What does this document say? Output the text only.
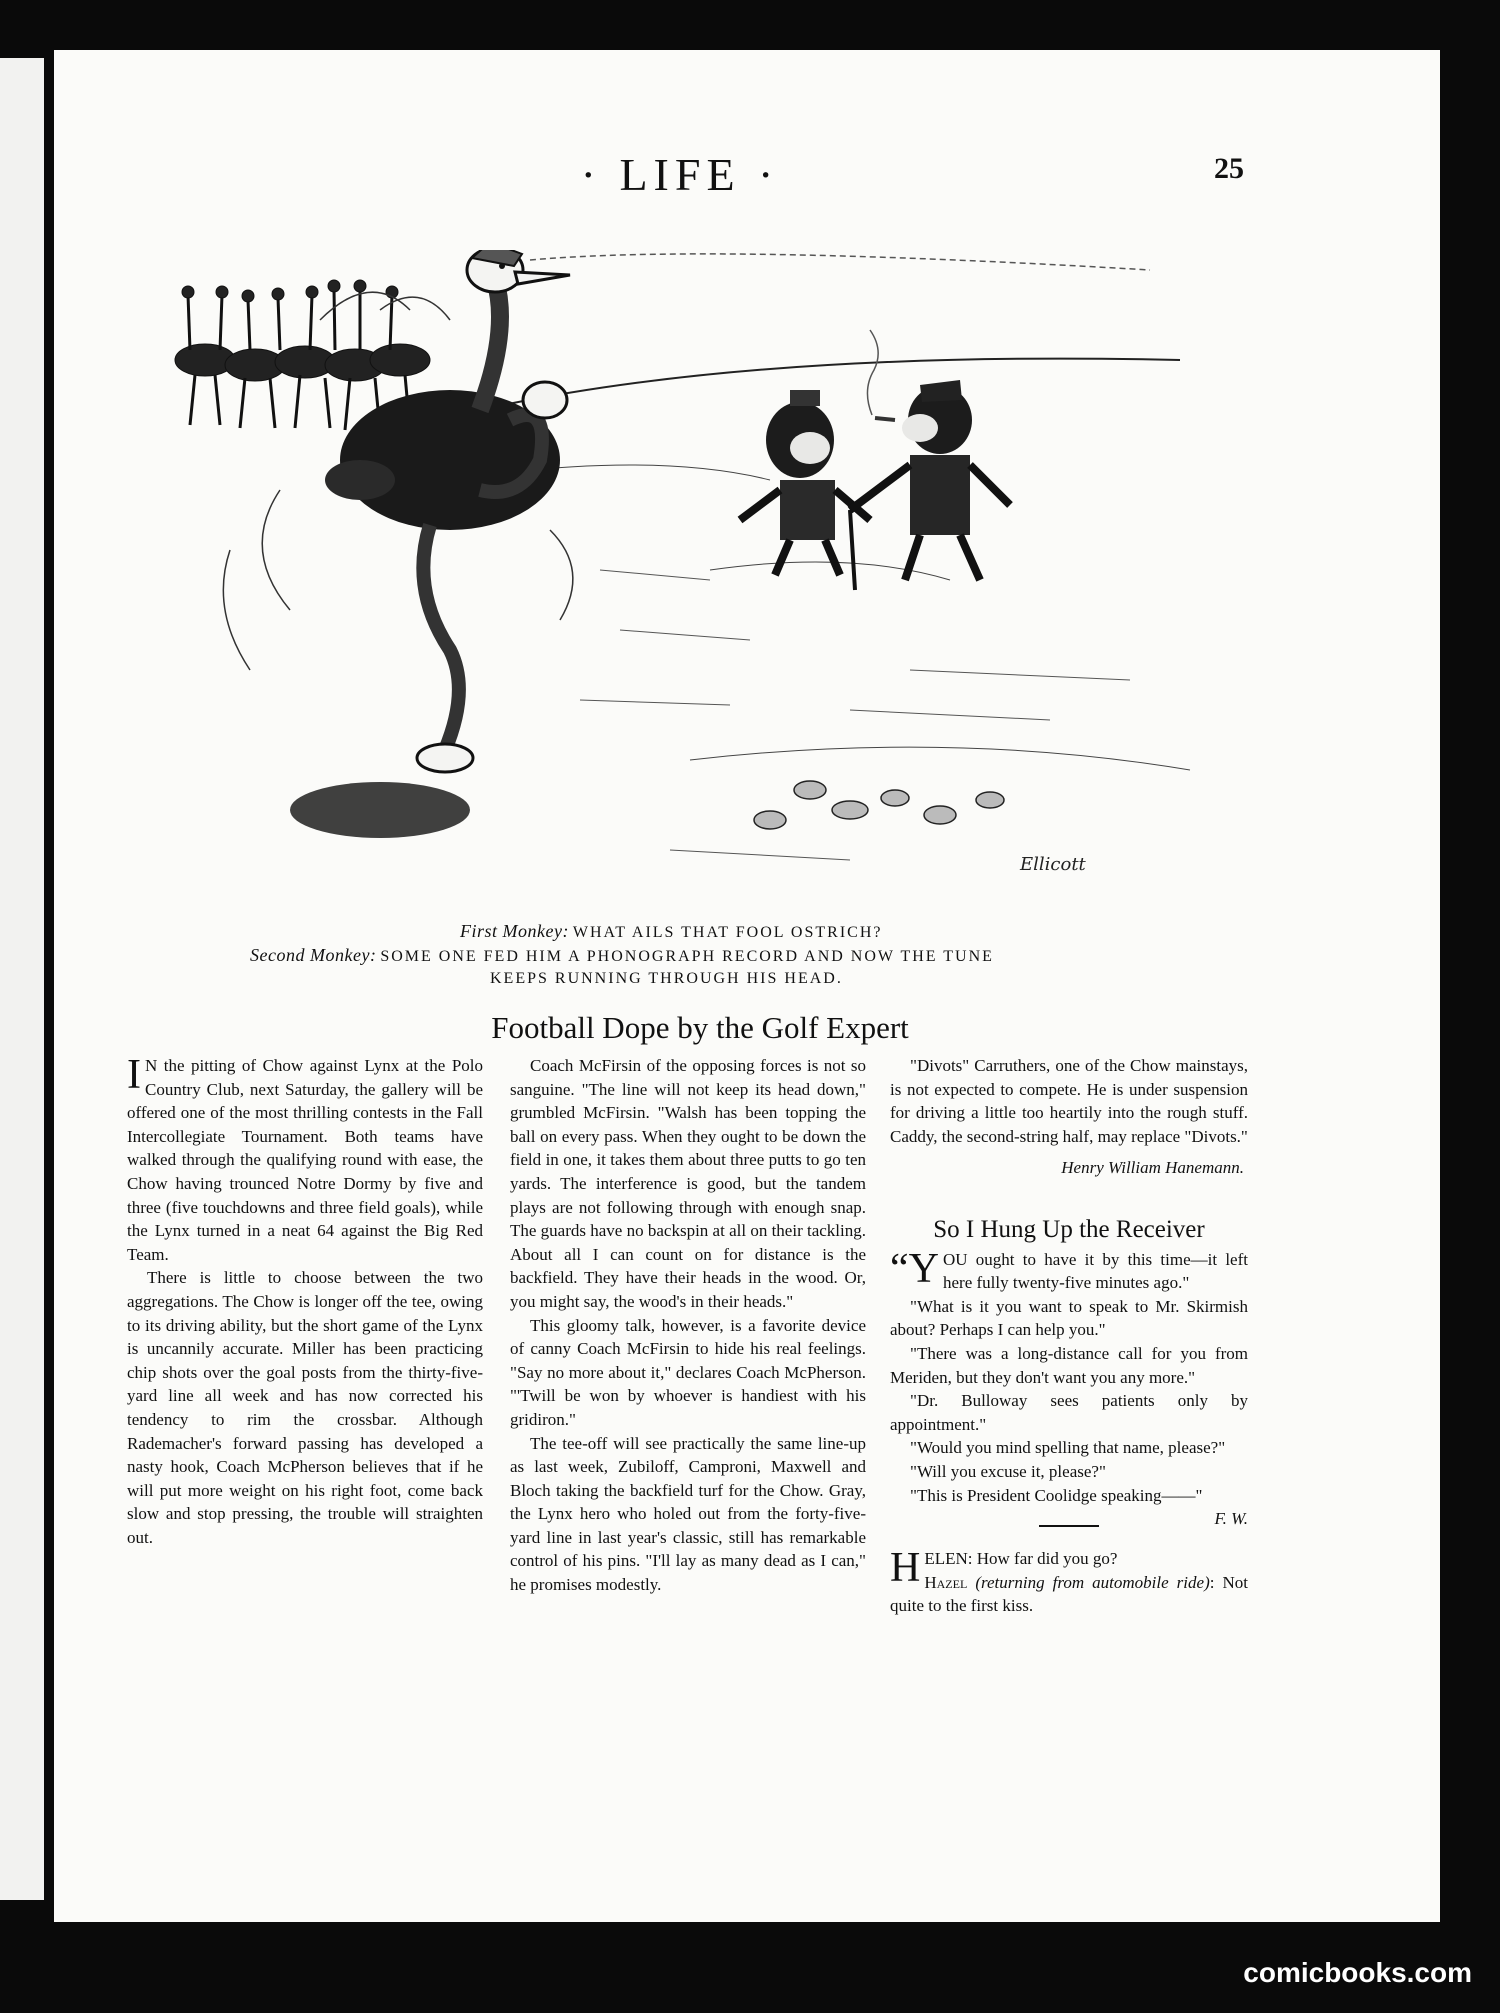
· LIFE ·	25
Ellicott
First Monkey: WHAT AILS THAT FOOL OSTRICH?
Second Monkey: SOME ONE FED HIM A PHONOGRAPH RECORD AND NOW THE TUNE
KEEPS RUNNING THROUGH HIS HEAD.
Football Dope by the Golf Expert

I N the pitting of Chow against Lynx at the Polo Country Club, next Saturday, the gallery will be offered one of the most thrilling contests in the Fall Intercollegiate Tournament. Both teams have walked through the qualifying round with ease, the Chow having trounced Notre Dormy by five and three (five touchdowns and three field goals), while the Lynx turned in a neat 64 against the Big Red Team.

There is little to choose between the two aggregations. The Chow is longer off the tee, owing to its driving ability, but the short game of the Lynx is uncannily accurate. Miller has been practicing chip shots over the goal posts from the thirty-five-yard line all week and has now corrected his tendency to rim the crossbar. Although Rademacher's forward passing has developed a nasty hook, Coach McPherson believes that if he will put more weight on his right foot, come back slow and stop pressing, the trouble will straighten out.

Coach McFirsin of the opposing forces is not so sanguine. "The line will not keep its head down," grumbled McFirsin. "Walsh has been topping the ball on every pass. When they ought to be down the field in one, it takes them about three putts to go ten yards. The interference is good, but the tandem plays are not following through with enough snap. The guards have no backspin at all on their tackling. About all I can count on for distance is the backfield. They have their heads in the wood. Or, you might say, the wood's in their heads."

This gloomy talk, however, is a favorite device of canny Coach McFirsin to hide his real feelings. "Say no more about it," declares Coach McPherson. "'Twill be won by whoever is handiest with his gridiron."

The tee-off will see practically the same line-up as last week, Zubiloff, Camproni, Maxwell and Bloch taking the backfield turf for the Chow. Gray, the Lynx hero who holed out from the forty-five-yard line in last year's classic, still has remarkable control of his pins. "I'll lay as many dead as I can," he promises modestly.

"Divots" Carruthers, one of the Chow mainstays, is not expected to compete. He is under suspension for driving a little too heartily into the rough stuff. Caddy, the second-string half, may replace "Divots."

Henry William Hanemann.

So I Hung Up the Receiver

“YOU ought to have it by this time—it left here fully twenty-five minutes ago."

"What is it you want to speak to Mr. Skirmish about? Perhaps I can help you."

"There was a long-distance call for you from Meriden, but they don't want you any more."

"Dr. Bulloway sees patients only by appointment."

"Would you mind spelling that name, please?"

"Will you excuse it, please?"

"This is President Coolidge speaking——"
F. W.

HELEN: How far did you go?
Hazel (returning from automobile ride): Not quite to the first kiss.

comicbooks.com
